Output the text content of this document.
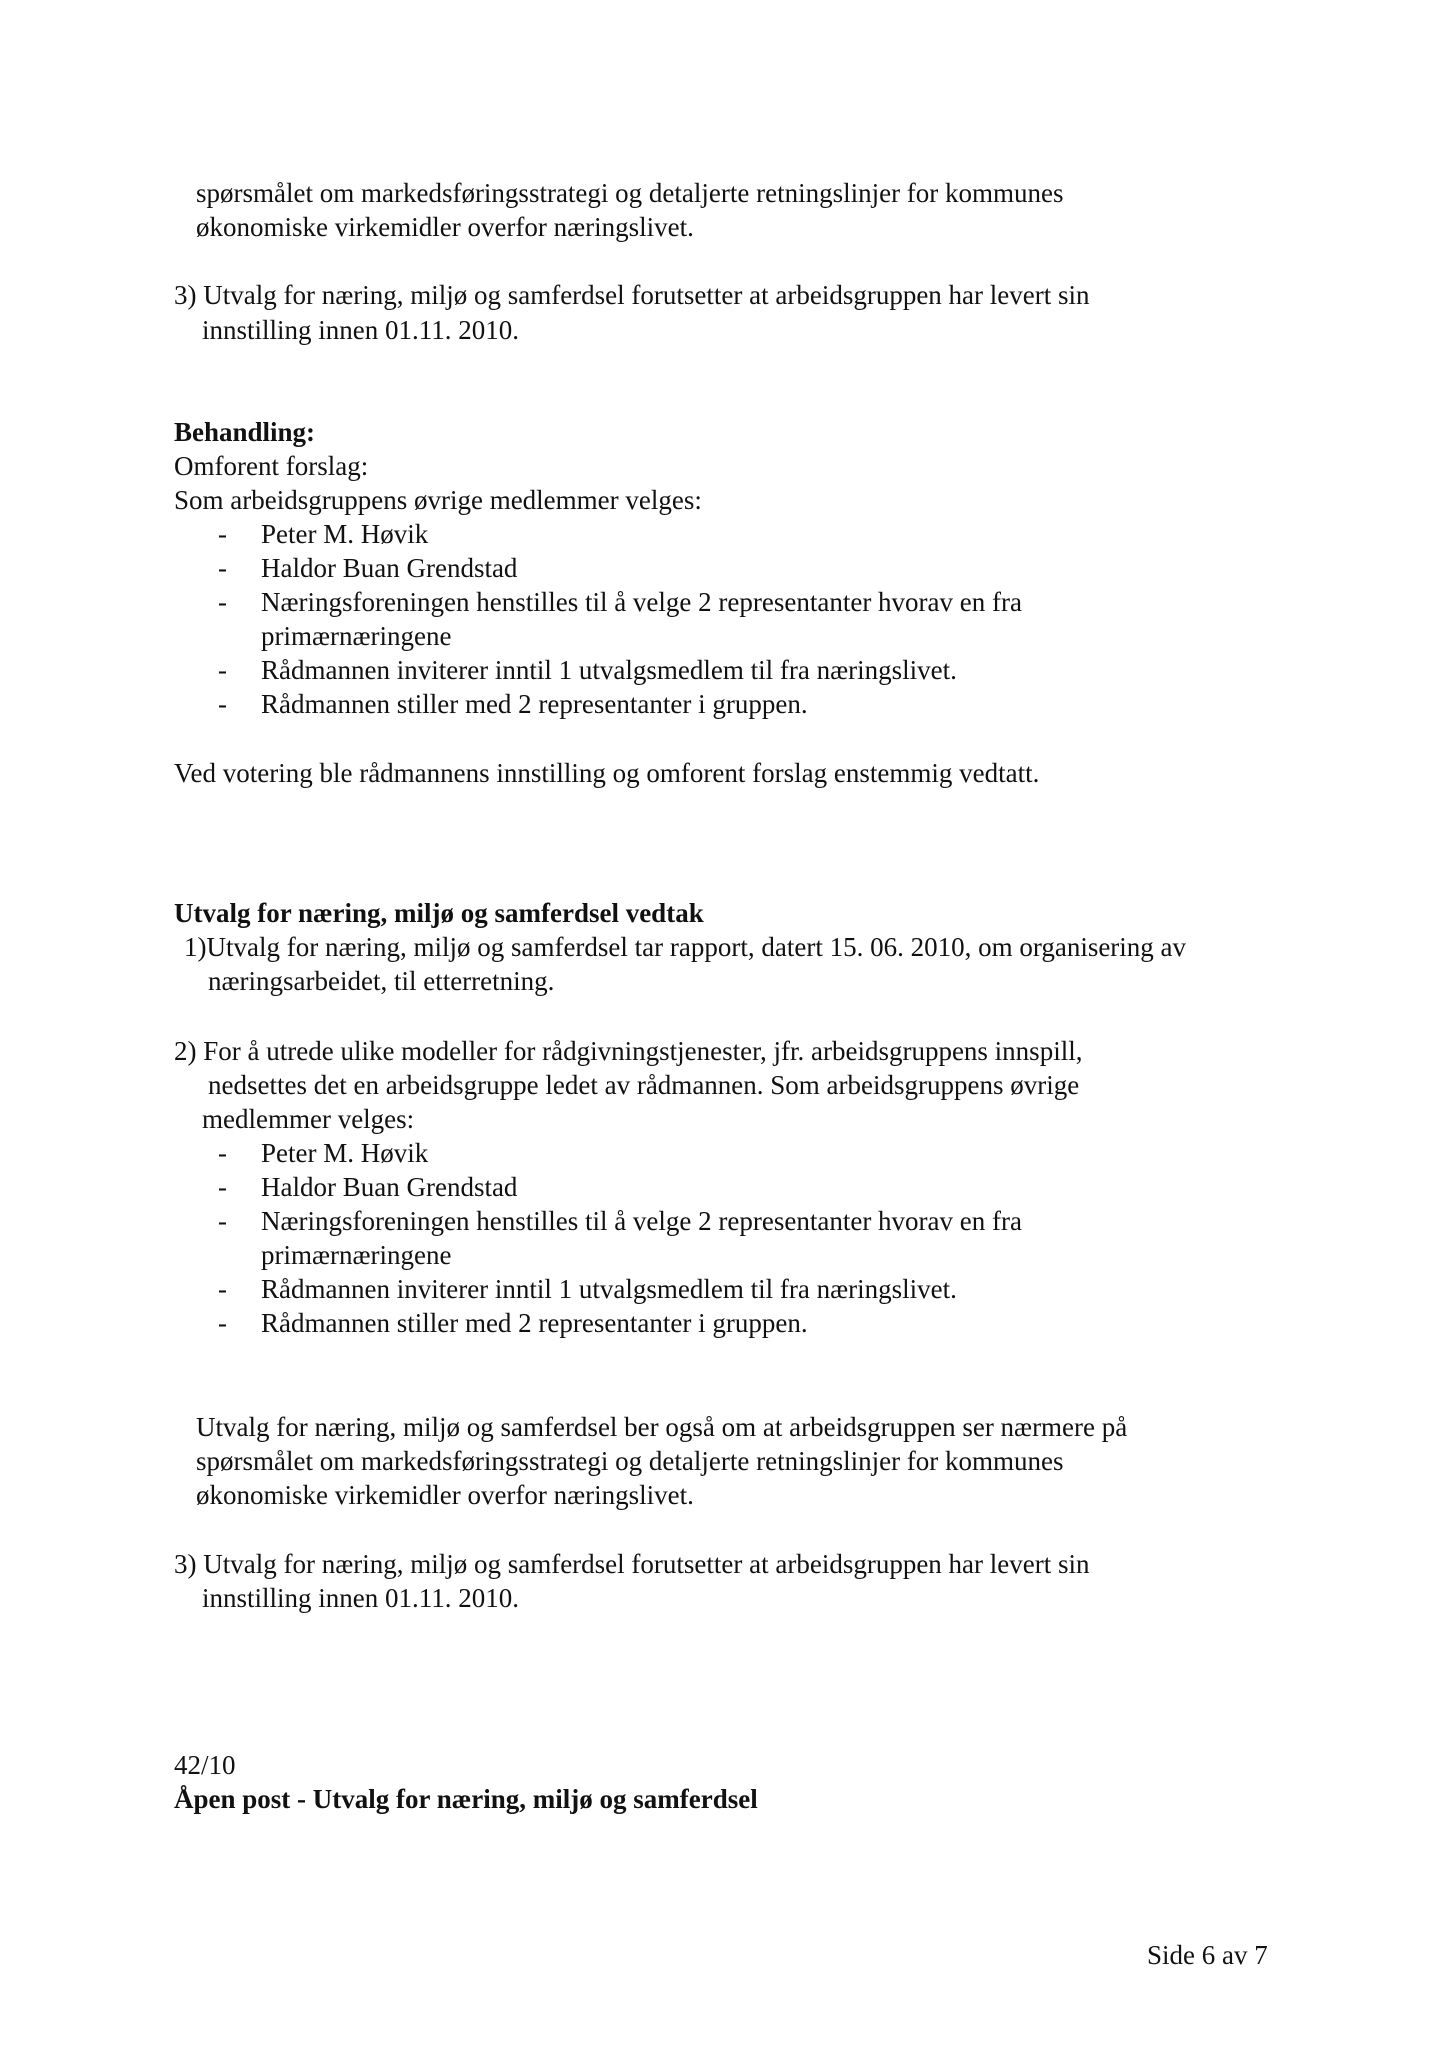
spørsmålet om markedsføringsstrategi og detaljerte retningslinjer for kommunes
økonomiske virkemidler overfor næringslivet.
3) Utvalg for næring, miljø og samferdsel forutsetter at arbeidsgruppen har levert sin
innstilling innen 01.11. 2010.
Behandling:
Omforent forslag:
Som arbeidsgruppens øvrige medlemmer velges:
- Peter M. Høvik
- Haldor Buan Grendstad
- Næringsforeningen henstilles til å velge 2 representanter hvorav en fra
primærnæringene
- Rådmannen inviterer inntil 1 utvalgsmedlem til fra næringslivet.
- Rådmannen stiller med 2 representanter i gruppen.
Ved votering ble rådmannens innstilling og omforent forslag enstemmig vedtatt.
Utvalg for næring, miljø og samferdsel vedtak
1)Utvalg for næring, miljø og samferdsel tar rapport, datert 15. 06. 2010, om organisering av
næringsarbeidet, til etterretning.
2) For å utrede ulike modeller for rådgivningstjenester, jfr. arbeidsgruppens innspill,
nedsettes det en arbeidsgruppe ledet av rådmannen. Som arbeidsgruppens øvrige
medlemmer velges:
- Peter M. Høvik
- Haldor Buan Grendstad
- Næringsforeningen henstilles til å velge 2 representanter hvorav en fra
primærnæringene
- Rådmannen inviterer inntil 1 utvalgsmedlem til fra næringslivet.
- Rådmannen stiller med 2 representanter i gruppen.
Utvalg for næring, miljø og samferdsel ber også om at arbeidsgruppen ser nærmere på
spørsmålet om markedsføringsstrategi og detaljerte retningslinjer for kommunes
økonomiske virkemidler overfor næringslivet.
3) Utvalg for næring, miljø og samferdsel forutsetter at arbeidsgruppen har levert sin
innstilling innen 01.11. 2010.
42/10
Åpen post - Utvalg for næring, miljø og samferdsel
Side 6 av 7
